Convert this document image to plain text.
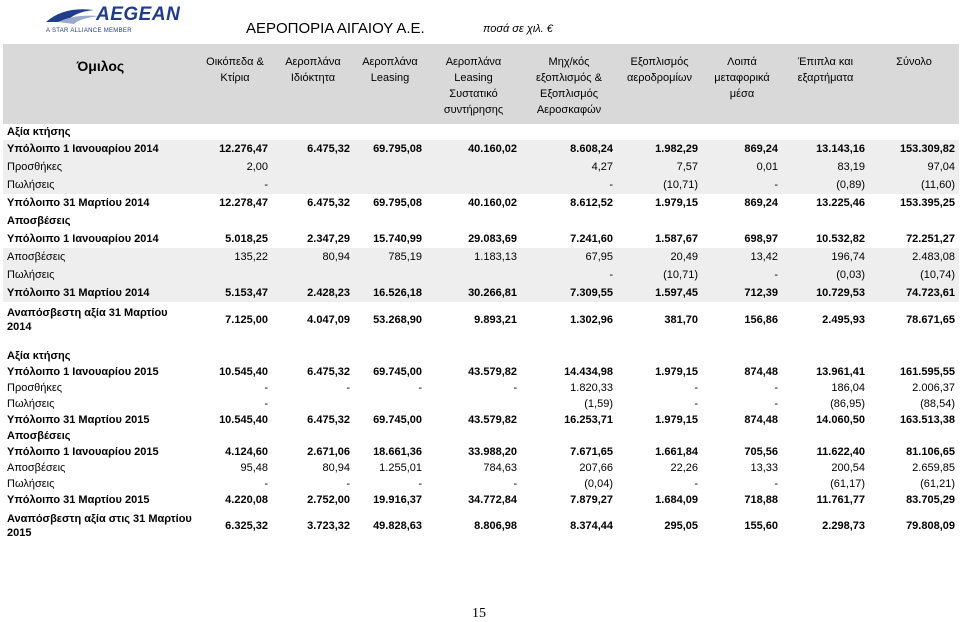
AEGEAN
A STAR ALLIANCE MEMBER	ΑΕΡΟΠΟΡΙΑ ΑΙΓΑΙΟΥ Α.Ε.	ποσά σε χιλ. €
Όμιλος	Οικόπεδα & Κτίρια	Αεροπλάνα Ιδιόκτητα	Αεροπλάνα Leasing	Αεροπλάνα Leasing Συστατικό συντήρησης	Μηχ/κός εξοπλισμός & Εξοπλισμός Αεροσκαφών	Εξοπλισμός αεροδρομίων	Λοιπά μεταφορικά μέσα	Έπιπλα και εξαρτήματα	Σύνολο
Αξία κτήσης									
Υπόλοιπο 1 Ιανουαρίου 2014	12.276,47	6.475,32	69.795,08	40.160,02	8.608,24	1.982,29	869,24	13.143,16	153.309,82
Προσθήκες	2,00				4,27	7,57	0,01	83,19	97,04
Πωλήσεις	-				-	(10,71)	-	(0,89)	(11,60)
Υπόλοιπο 31 Μαρτίου 2014	12.278,47	6.475,32	69.795,08	40.160,02	8.612,52	1.979,15	869,24	13.225,46	153.395,25
Αποσβέσεις									
Υπόλοιπο 1 Ιανουαρίου 2014	5.018,25	2.347,29	15.740,99	29.083,69	7.241,60	1.587,67	698,97	10.532,82	72.251,27
Αποσβέσεις	135,22	80,94	785,19	1.183,13	67,95	20,49	13,42	196,74	2.483,08
Πωλήσεις					-	(10,71)	-	(0,03)	(10,74)
Υπόλοιπο 31 Μαρτίου 2014	5.153,47	2.428,23	16.526,18	30.266,81	7.309,55	1.597,45	712,39	10.729,53	74.723,61
Αναπόσβεστη αξία 31 Μαρτίου 2014	7.125,00	4.047,09	53.268,90	9.893,21	1.302,96	381,70	156,86	2.495,93	78.671,65

Αξία κτήσης									
Υπόλοιπο 1 Ιανουαρίου 2015	10.545,40	6.475,32	69.745,00	43.579,82	14.434,98	1.979,15	874,48	13.961,41	161.595,55
Προσθήκες	-	-	-	-	1.820,33	-	-	186,04	2.006,37
Πωλήσεις	-				(1,59)	-	-	(86,95)	(88,54)
Υπόλοιπο 31 Μαρτίου 2015	10.545,40	6.475,32	69.745,00	43.579,82	16.253,71	1.979,15	874,48	14.060,50	163.513,38
Αποσβέσεις									
Υπόλοιπο 1 Ιανουαρίου 2015	4.124,60	2.671,06	18.661,36	33.988,20	7.671,65	1.661,84	705,56	11.622,40	81.106,65
Αποσβέσεις	95,48	80,94	1.255,01	784,63	207,66	22,26	13,33	200,54	2.659,85
Πωλήσεις	-	-	-	-	(0,04)	-	-	(61,17)	(61,21)
Υπόλοιπο 31 Μαρτίου 2015	4.220,08	2.752,00	19.916,37	34.772,84	7.879,27	1.684,09	718,88	11.761,77	83.705,29
Αναπόσβεστη αξία στις 31 Μαρτίου 2015	6.325,32	3.723,32	49.828,63	8.806,98	8.374,44	295,05	155,60	2.298,73	79.808,09
15
